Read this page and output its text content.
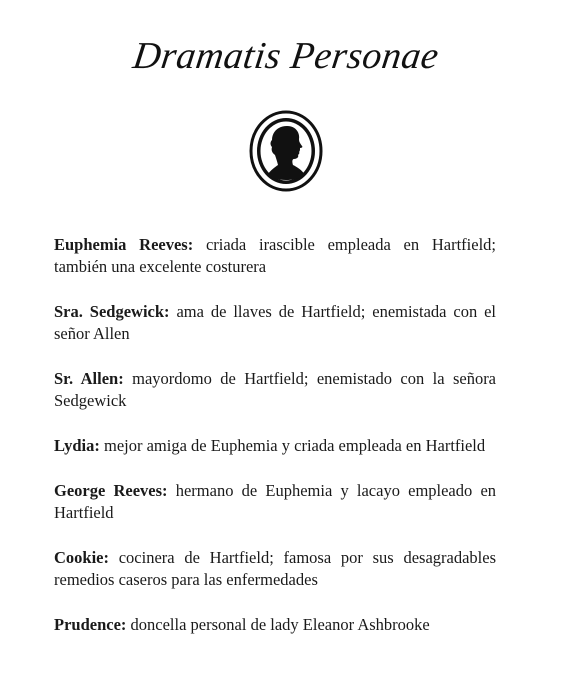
Dramatis Personae

Euphemia Reeves: criada irascible empleada en Hartfield; también una excelente costurera

Sra. Sedgewick: ama de llaves de Hartfield; enemistada con el señor Allen

Sr. Allen: mayordomo de Hartfield; enemistado con la señora Sedgewick

Lydia: mejor amiga de Euphemia y criada empleada en Hartfield

George Reeves: hermano de Euphemia y lacayo empleado en Hartfield

Cookie: cocinera de Hartfield; famosa por sus desagradables remedios caseros para las enfermedades

Prudence: doncella personal de lady Eleanor Ashbrooke
